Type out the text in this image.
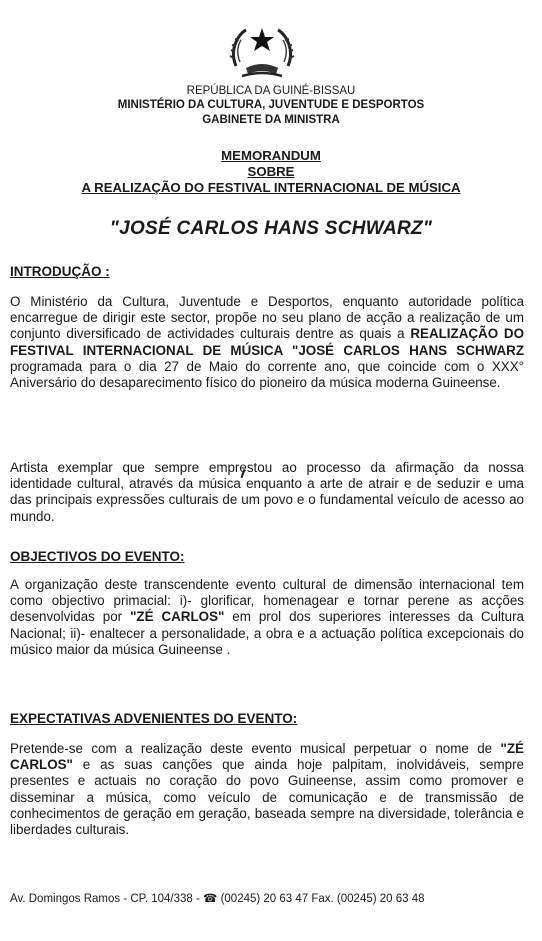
REPÚBLICA DA GUINÉ-BISSAU
MINISTÉRIO DA CULTURA, JUVENTUDE E DESPORTOS
GABINETE DA MINISTRA
MEMORANDUM
SOBRE
A REALIZAÇÃO DO FESTIVAL INTERNACIONAL DE MÚSICA
"JOSÉ CARLOS HANS SCHWARZ"
INTRODUÇÃO :

O Ministério da Cultura, Juventude e Desportos, enquanto autoridade política encarregue de dirigir este sector, propõe no seu plano de acção a realização de um conjunto diversificado de actividades culturais dentre as quais a REALIZAÇÃO DO FESTIVAL INTERNACIONAL DE MÚSICA "JOSÉ CARLOS HANS SCHWARZ programada para o dia 27 de Maio do corrente ano, que coincide com o XXX° Aniversário do desaparecimento físico do pioneiro da música moderna Guineense.

Artista exemplar que sempre emprestou ao processo da afirmação da nossa identidade cultural, através da música enquanto a arte de atrair e de seduzir e uma das principais expressões culturais de um povo e o fundamental veículo de acesso ao mundo.

OBJECTIVOS DO EVENTO:

A organização deste transcendente evento cultural de dimensão internacional tem como objectivo primacial: i)- glorificar, homenagear e tornar perene as acções desenvolvidas por "ZÉ CARLOS" em prol dos superiores interesses da Cultura Nacional; ii)- enaltecer a personalidade, a obra e a actuação política excepcionais do músico maior da música Guineense .

EXPECTATIVAS ADVENIENTES DO EVENTO:

Pretende-se com a realização deste evento musical perpetuar o nome de "ZÉ CARLOS" e as suas canções que ainda hoje palpitam, inolvidáveis, sempre presentes e actuais no coração do povo Guineense, assim como promover e disseminar a música, como veículo de comunicação e de transmissão de conhecimentos de geração em geração, baseada sempre na diversidade, tolerância e liberdades culturais.

Av. Domingos Ramos - CP. 104/338 - ☎ (00245) 20 63 47 Fax. (00245) 20 63 48
